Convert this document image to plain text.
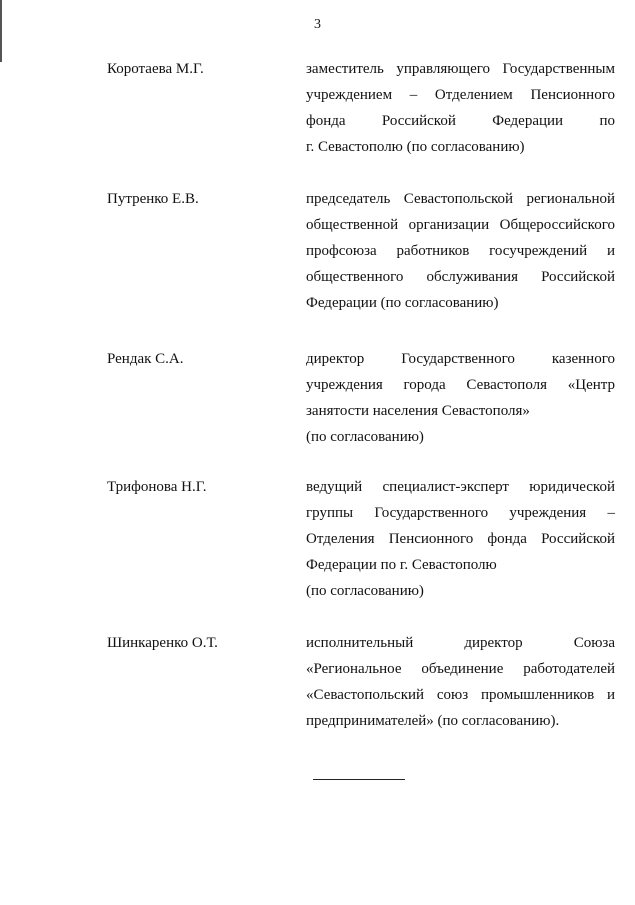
3
Коротаева М.Г.	заместитель управляющего Государственным
учреждением – Отделением Пенсионного
фонда Российской Федерации по
г. Севастополю (по согласованию)
Путренко Е.В.	председатель Севастопольской региональной
общественной организации Общероссийского
профсоюза работников госучреждений и
общественного обслуживания Российской
Федерации (по согласованию)
Рендак С.А.	директор Государственного казенного
учреждения города Севастополя «Центр
занятости населения Севастополя»
(по согласованию)
Трифонова Н.Г.	ведущий специалист-эксперт юридической
группы Государственного учреждения –
Отделения Пенсионного фонда Российской
Федерации по г. Севастополю
(по согласованию)
Шинкаренко О.Т.	исполнительный директор Союза
«Региональное объединение работодателей
«Севастопольский союз промышленников и
предпринимателей» (по согласованию).
